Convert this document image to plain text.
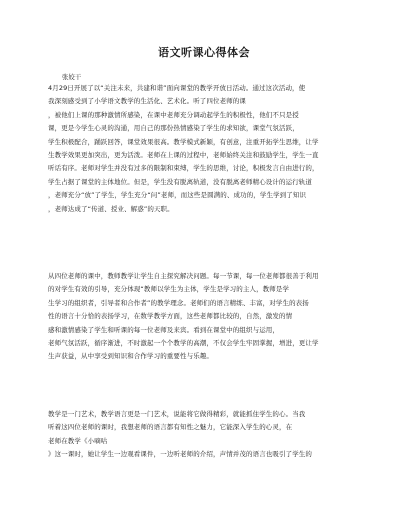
语文听课心得体会
张姣干
4月29日开展了以“关注未来，共建和谐”面向课堂的教学开放日活动。通过这次活动，使
我深刻感受到了小学语文教学的生活化、艺术化。听了四位老师的课
，被他们上课的那种激情所感染，在课中老师充分调动起学生的积极性，他们不只是授
课，更是今学生心灵的沟通，用自己的那份热情感染了学生的求知欲，课堂气氛活跃，
学生积极配合，踊跃回答，课堂效果很高。教学模式新颖，有创意，注重开拓学生思维，让学
生教学效果更加突出，更为活泼。老师在上课的过程中，老师始终关注和鼓励学生，学生一直
听话有序。老师对学生并没有过多的限制和束缚，学生的思维，讨论，积极发言自由进行的，
学生占据了课堂的主体地位。但是，学生没有脱离轨道，没有脱离老师精心设计的运行轨道
，老师充分“放”了学生，学生充分“问”老师，而这些是圆满的、成功的，学生学到了知识
，老师达成了“传道、授业、解惑”的天职。
从四位老师的课中，教师教学让学生自主探究解决问题。每一节课，每一位老师都很善于利用
的对学生有效的引导，充分体现“教师以学生为主体，学生是学习的主人，教师是学
生学习的组织者，引导者和合作者”的教学理念。老师们的语言精练、丰富，对学生的表扬
性的语言十分恰的表扬学习，在数学教学方面，这些老师都比较的，自然，激发的情
感和激情感染了学生和听课的每一位老师及来宾。看到在课堂中的组织与运用，
老师气氛活跃，循序渐进，不时激起一个个教学的高潮，不仅会学生牢固掌握，增进，更让学
生声获益，从中享受到知识和合作学习的重要性与乐趣。
教学是一门艺术，教学语言更是一门艺术，说能将它做得精彩，就能抓住学生的心。当我
听着这四位老师的课时，我想老师的语言都有知性之魅力，它能深入学生的心灵，在
老师在教学《小嘀咕
》这一课时，她让学生一边观看课件，一边听老师的介绍，声情并茂的语言也吸引了学生的
